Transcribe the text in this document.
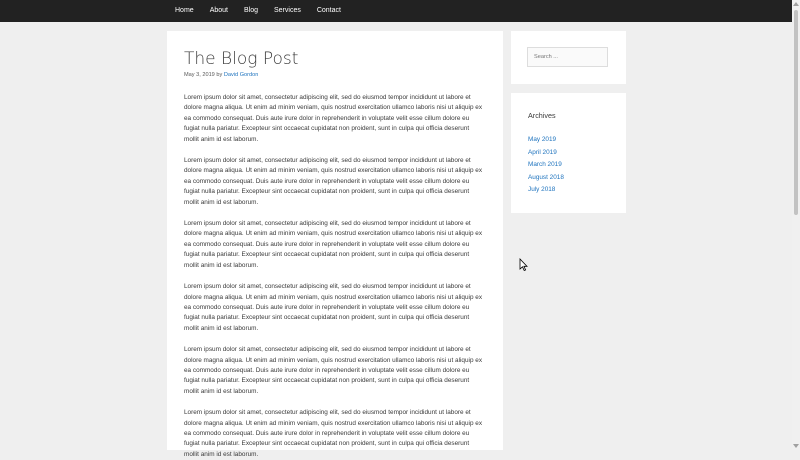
Home	About	Blog	Services	Contact
The Blog Post
May 3, 2019 by David Gordon

Lorem ipsum dolor sit amet, consectetur adipiscing elit, sed do eiusmod tempor incididunt ut labore et dolore magna aliqua. Ut enim ad minim veniam, quis nostrud exercitation ullamco laboris nisi ut aliquip ex ea commodo consequat. Duis aute irure dolor in reprehenderit in voluptate velit esse cillum dolore eu fugiat nulla pariatur. Excepteur sint occaecat cupidatat non proident, sunt in culpa qui officia deserunt mollit anim id est laborum.

Lorem ipsum dolor sit amet, consectetur adipiscing elit, sed do eiusmod tempor incididunt ut labore et dolore magna aliqua. Ut enim ad minim veniam, quis nostrud exercitation ullamco laboris nisi ut aliquip ex ea commodo consequat. Duis aute irure dolor in reprehenderit in voluptate velit esse cillum dolore eu fugiat nulla pariatur. Excepteur sint occaecat cupidatat non proident, sunt in culpa qui officia deserunt mollit anim id est laborum.

Lorem ipsum dolor sit amet, consectetur adipiscing elit, sed do eiusmod tempor incididunt ut labore et dolore magna aliqua. Ut enim ad minim veniam, quis nostrud exercitation ullamco laboris nisi ut aliquip ex ea commodo consequat. Duis aute irure dolor in reprehenderit in voluptate velit esse cillum dolore eu fugiat nulla pariatur. Excepteur sint occaecat cupidatat non proident, sunt in culpa qui officia deserunt mollit anim id est laborum.

Lorem ipsum dolor sit amet, consectetur adipiscing elit, sed do eiusmod tempor incididunt ut labore et dolore magna aliqua. Ut enim ad minim veniam, quis nostrud exercitation ullamco laboris nisi ut aliquip ex ea commodo consequat. Duis aute irure dolor in reprehenderit in voluptate velit esse cillum dolore eu fugiat nulla pariatur. Excepteur sint occaecat cupidatat non proident, sunt in culpa qui officia deserunt mollit anim id est laborum.

Lorem ipsum dolor sit amet, consectetur adipiscing elit, sed do eiusmod tempor incididunt ut labore et dolore magna aliqua. Ut enim ad minim veniam, quis nostrud exercitation ullamco laboris nisi ut aliquip ex ea commodo consequat. Duis aute irure dolor in reprehenderit in voluptate velit esse cillum dolore eu fugiat nulla pariatur. Excepteur sint occaecat cupidatat non proident, sunt in culpa qui officia deserunt mollit anim id est laborum.

Lorem ipsum dolor sit amet, consectetur adipiscing elit, sed do eiusmod tempor incididunt ut labore et dolore magna aliqua. Ut enim ad minim veniam, quis nostrud exercitation ullamco laboris nisi ut aliquip ex ea commodo consequat. Duis aute irure dolor in reprehenderit in voluptate velit esse cillum dolore eu fugiat nulla pariatur. Excepteur sint occaecat cupidatat non proident, sunt in culpa qui officia deserunt mollit anim id est laborum.

Search ...
Archives
May 2019
April 2019
March 2019
August 2018
July 2018
